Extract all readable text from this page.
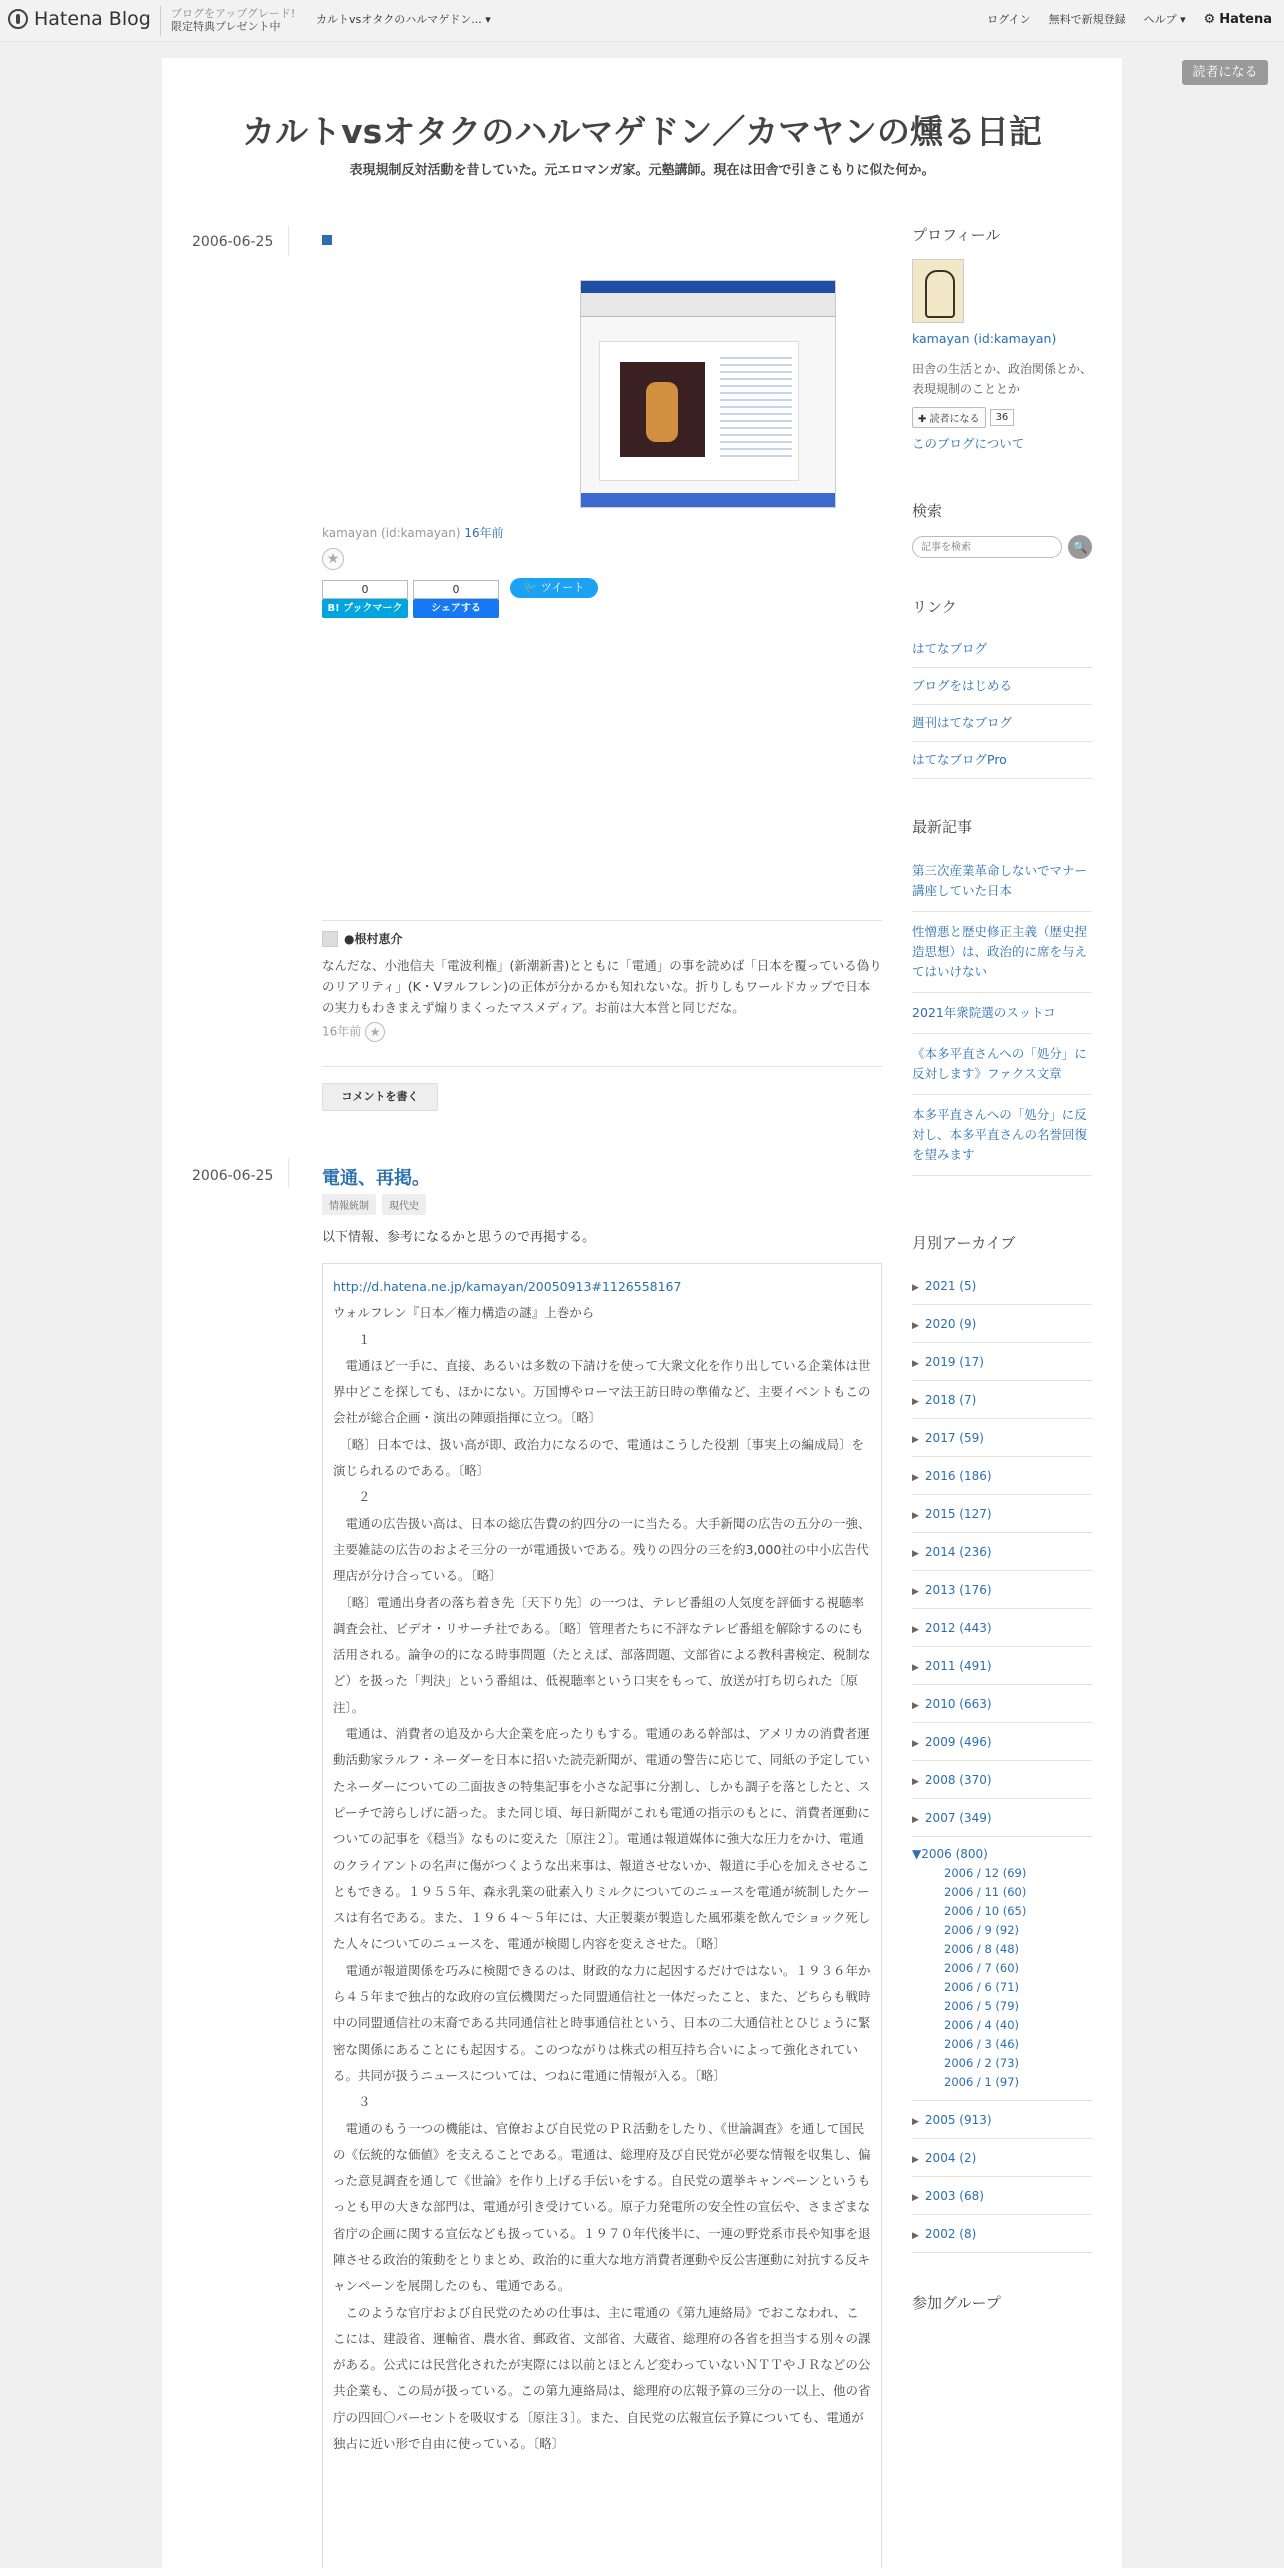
Hatena Blog ブログをアップグレード!
限定特典プレゼント中
カルトvsオタクのハルマゲドン... ▾	ログイン 無料で新規登録 ヘルプ ▾ ⚙ Hatena
読者になる
カルトvsオタクのハルマゲドン／カマヤンの燻る日記
表現規制反対活動を昔していた。元エロマンガ家。元塾講師。現在は田舎で引きこもりに似た何か。
2006-06-25
kamayan (id:kamayan) 16年前
★
0
B! ブックマーク
0
シェアする
🐦 ツイート
●根村恵介
なんだな、小池信夫「電波利権」(新潮新書)とともに「電通」の事を読めば「日本を覆っている偽りのリアリティ」(K・Vヲルフレン)の正体が分かるかも知れないな。折りしもワールドカップで日本の実力もわきまえず煽りまくったマスメディア。お前は大本営と同じだな。
16年前 ★
コメントを書く
2006-06-25	電通、再掲。
情報統制	現代史
以下情報、参考になるかと思うので再掲する。

http://d.hatena.ne.jp/kamayan/20050913#1126558167

ウォルフレン『日本／権力構造の謎』上巻から

　　１

　電通ほど一手に、直接、あるいは多数の下請けを使って大衆文化を作り出している企業体は世界中どこを探しても、ほかにない。万国博やローマ法王訪日時の準備など、主要イベントもこの会社が総合企画・演出の陣頭指揮に立つ。〔略〕

　〔略〕日本では、扱い高が即、政治力になるので、電通はこうした役割〔事実上の編成局〕を演じられるのである。〔略〕

　　２

　電通の広告扱い高は、日本の総広告費の約四分の一に当たる。大手新聞の広告の五分の一強、主要雑誌の広告のおよそ三分の一が電通扱いである。残りの四分の三を約3,000社の中小広告代理店が分け合っている。〔略〕

　〔略〕電通出身者の落ち着き先〔天下り先〕の一つは、テレビ番組の人気度を評価する視聴率調査会社、ビデオ・リサーチ社である。〔略〕管理者たちに不評なテレビ番組を解除するのにも活用される。論争の的になる時事問題（たとえば、部落問題、文部省による教科書検定、税制など）を扱った「判決」という番組は、低視聴率という口実をもって、放送が打ち切られた〔原注〕。

　電通は、消費者の追及から大企業を庇ったりもする。電通のある幹部は、アメリカの消費者運動活動家ラルフ・ネーダーを日本に招いた読売新聞が、電通の警告に応じて、同紙の予定していたネーダーについての二面抜きの特集記事を小さな記事に分割し、しかも調子を落としたと、スピーチで誇らしげに語った。また同じ頃、毎日新聞がこれも電通の指示のもとに、消費者運動についての記事を《穏当》なものに変えた〔原注２〕。電通は報道媒体に強大な圧力をかけ、電通のクライアントの名声に傷がつくような出来事は、報道させないか、報道に手心を加えさせることもできる。１９５５年、森永乳業の砒素入りミルクについてのニュースを電通が統制したケースは有名である。また、１９６４〜５年には、大正製薬が製造した風邪薬を飲んでショック死した人々についてのニュースを、電通が検閲し内容を変えさせた。〔略〕

　電通が報道関係を巧みに検閲できるのは、財政的な力に起因するだけではない。１９３６年から４５年まで独占的な政府の宣伝機関だった同盟通信社と一体だったこと、また、どちらも戦時中の同盟通信社の末裔である共同通信社と時事通信社という、日本の二大通信社とひじょうに緊密な関係にあることにも起因する。このつながりは株式の相互持ち合いによって強化されている。共同が扱うニュースについては、つねに電通に情報が入る。〔略〕

　　３

　電通のもう一つの機能は、官僚および自民党のＰＲ活動をしたり、《世論調査》を通して国民の《伝統的な価値》を支えることである。電通は、総理府及び自民党が必要な情報を収集し、偏った意見調査を通して《世論》を作り上げる手伝いをする。自民党の選挙キャンペーンというもっとも甲の大きな部門は、電通が引き受けている。原子力発電所の安全性の宣伝や、さまざまな省庁の企画に関する宣伝なども扱っている。１９７０年代後半に、一連の野党系市長や知事を退陣させる政治的策動をとりまとめ、政治的に重大な地方消費者運動や反公害運動に対抗する反キャンペーンを展開したのも、電通である。

　このような官庁および自民党のための仕事は、主に電通の《第九連絡局》でおこなわれ、ここには、建設省、運輸省、農水省、郵政省、文部省、大蔵省、総理府の各省を担当する別々の課がある。公式には民営化されたが実際には以前とほとんど変わっていないＮＴＴやＪＲなどの公共企業も、この局が扱っている。この第九連絡局は、総理府の広報予算の三分の一以上、他の省庁の四回〇パーセントを吸収する〔原注３〕。また、自民党の広報宣伝予算についても、電通が独占に近い形で自由に使っている。〔略〕

プロフィール
kamayan (id:kamayan)
田舎の生活とか、政治関係とか、表現規制のこととか
✚ 読者になる	36
このブログについて
検索
記事を検索
🔍
リンク
はてなブログ
ブログをはじめる
週刊はてなブログ
はてなブログPro
最新記事
第三次産業革命しないでマナー講座していた日本
性憎悪と歴史修正主義（歴史捏造思想）は、政治的に席を与えてはいけない
2021年衆院選のスットコ
《本多平直さんへの「処分」に反対します》ファクス文章
本多平直さんへの「処分」に反対し、本多平直さんの名誉回復を望みます
月別アーカイブ
▶ 2021 (5)
▶ 2020 (9)
▶ 2019 (17)
▶ 2018 (7)
▶ 2017 (59)
▶ 2016 (186)
▶ 2015 (127)
▶ 2014 (236)
▶ 2013 (176)
▶ 2012 (443)
▶ 2011 (491)
▶ 2010 (663)
▶ 2009 (496)
▶ 2008 (370)
▶ 2007 (349)
▼2006 (800)
2006 / 12 (69)
2006 / 11 (60)
2006 / 10 (65)
2006 / 9 (92)
2006 / 8 (48)
2006 / 7 (60)
2006 / 6 (71)
2006 / 5 (79)
2006 / 4 (40)
2006 / 3 (46)
2006 / 2 (73)
2006 / 1 (97)
▶ 2005 (913)
▶ 2004 (2)
▶ 2003 (68)
▶ 2002 (8)
参加グループ
